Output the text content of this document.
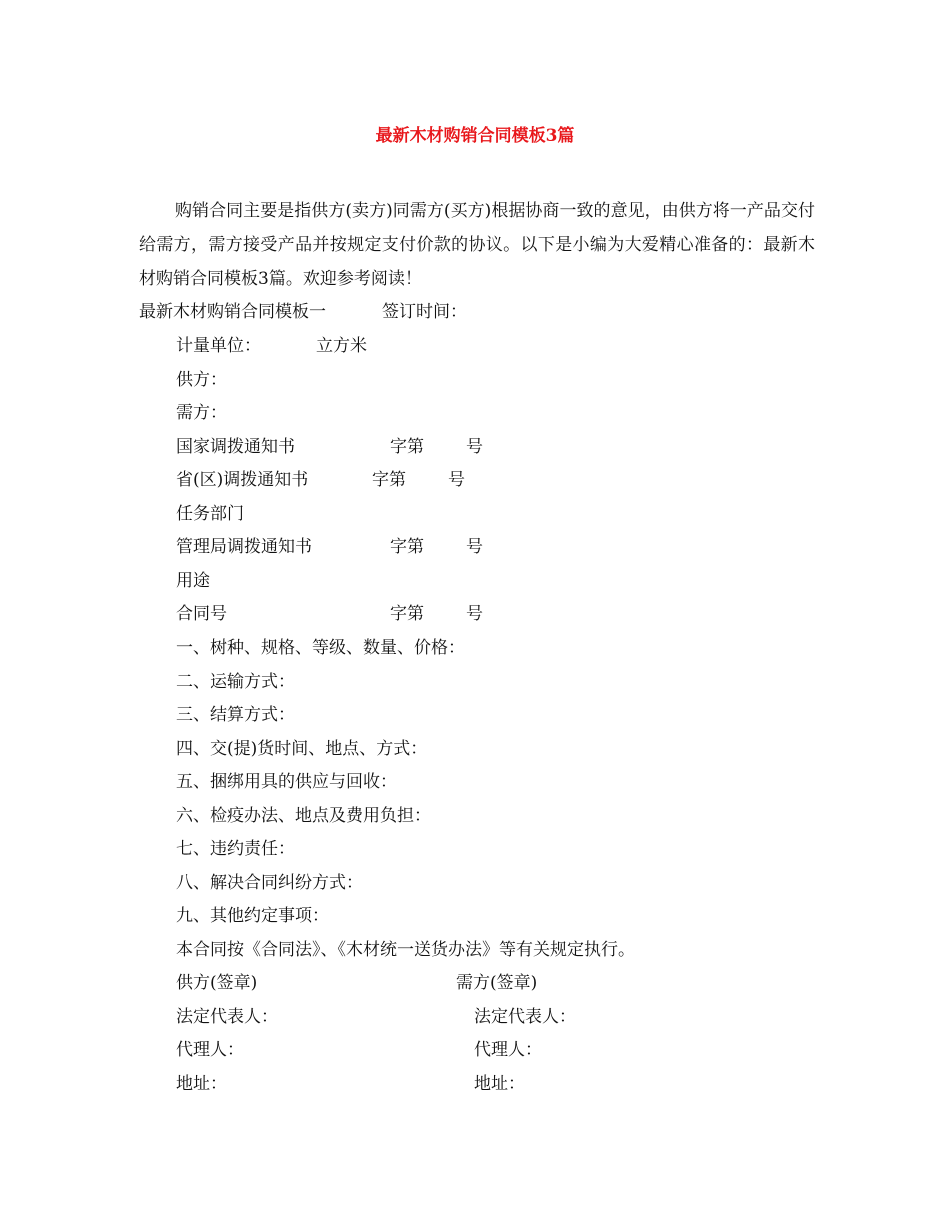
最新木材购销合同模板3篇
购销合同主要是指供方(卖方)同需方(买方)根据协商一致的意见，由供方将一产品交付给需方，需方接受产品并按规定支付价款的协议。以下是小编为大爱精心准备的：最新木材购销合同模板3篇。欢迎参考阅读！
最新木材购销合同模板一	签订时间：
计量单位：	立方米
供方：
需方：
国家调拨通知书	字第 号
省(区)调拨通知书	字第 号
任务部门
管理局调拨通知书	字第 号
用途
合同号	字第 号
一、树种、规格、等级、数量、价格：
二、运输方式：
三、结算方式：
四、交(提)货时间、地点、方式：
五、捆绑用具的供应与回收：
六、检疫办法、地点及费用负担：
七、违约责任：
八、解决合同纠纷方式：
九、其他约定事项：
本合同按《合同法》、《木材统一送货办法》等有关规定执行。
供方(签章)	需方(签章)
法定代表人：	法定代表人：
代理人：	代理人：
地址：	地址：
